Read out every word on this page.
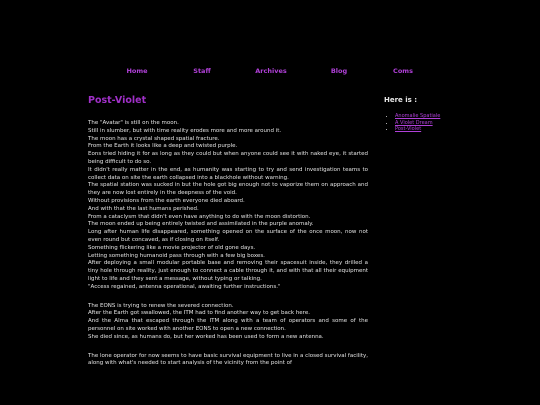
Home	Staff	Archives	Blog	Coms
Post-Violet
The "Avatar" is still on the moon.
Still in slumber, but with time reality erodes more and more around it.
The moon has a crystal shaped spatial fracture.
From the Earth it looks like a deep and twisted purple.
Eons tried hiding it for as long as they could but when anyone could see it with naked eye, it started being difficult to do so.
It didn't really matter in the end, as humanity was starting to try and send investigation teams to collect data on site the earth collapsed into a blackhole without warning.
The spatial station was sucked in but the hole got big enough not to vaporize them on approach and they are now lost entirely in the deepness of the void.
Without provisions from the earth everyone died aboard.
And with that the last humans perished.
From a cataclysm that didn't even have anything to do with the moon distortion.
The moon ended up being entirely twisted and assimilated in the purple anomaly.
Long after human life disappeared, something opened on the surface of the once moon, now not even round but concaved, as if closing on itself.
Something flickering like a movie projector of old gone days.
Letting something humanoid pass through with a few big boxes.
After deploying a small modular portable base and removing their spacesuit inside, they drilled a tiny hole through reality, just enough to connect a cable through it, and with that all their equipment light to life and they sent a message, without typing or talking.
"Access regained, antenna operational, awaiting further instructions."
The EONS is trying to renew the severed connection.
After the Earth got swallowed, the ITM had to find another way to get back here.
And the Alma that escaped through the ITM along with a team of operators and some of the personnel on site worked with another EONS to open a new connection.
She died since, as humans do, but her worked has been used to form a new antenna.
The lone operator for now seems to have basic survival equipment to live in a closed survival facility, along with what's needed to start analysis of the vicinity from the point of
Here is :
• Anomalie Spatiale
• A Violet Dream
• Post-Violet
